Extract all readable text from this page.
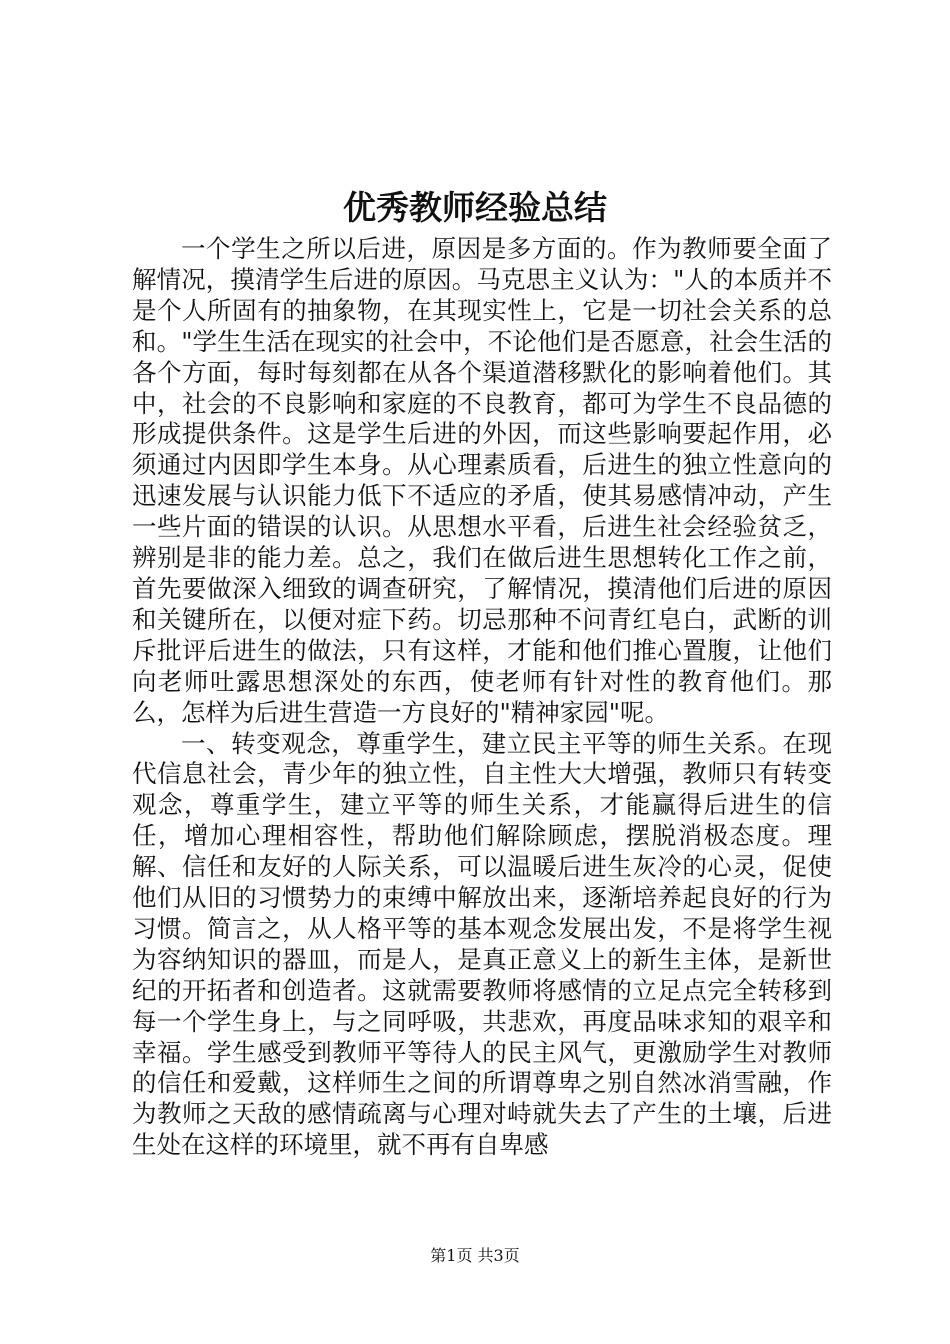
优秀教师经验总结

一个学生之所以后进，原因是多方面的。作为教师要全面了解情况，摸清学生后进的原因。马克思主义认为："人的本质并不是个人所固有的抽象物，在其现实性上，它是一切社会关系的总和。"学生生活在现实的社会中，不论他们是否愿意，社会生活的各个方面，每时每刻都在从各个渠道潜移默化的影响着他们。其中，社会的不良影响和家庭的不良教育，都可为学生不良品德的形成提供条件。这是学生后进的外因，而这些影响要起作用，必须通过内因即学生本身。从心理素质看，后进生的独立性意向的迅速发展与认识能力低下不适应的矛盾，使其易感情冲动，产生一些片面的错误的认识。从思想水平看，后进生社会经验贫乏，辨别是非的能力差。总之，我们在做后进生思想转化工作之前，首先要做深入细致的调查研究，了解情况，摸清他们后进的原因和关键所在，以便对症下药。切忌那种不问青红皂白，武断的训斥批评后进生的做法，只有这样，才能和他们推心置腹，让他们向老师吐露思想深处的东西，使老师有针对性的教育他们。那么，怎样为后进生营造一方良好的"精神家园"呢。

一、转变观念，尊重学生，建立民主平等的师生关系。在现代信息社会，青少年的独立性，自主性大大增强，教师只有转变观念，尊重学生，建立平等的师生关系，才能赢得后进生的信任，增加心理相容性，帮助他们解除顾虑，摆脱消极态度。理解、信任和友好的人际关系，可以温暖后进生灰冷的心灵，促使他们从旧的习惯势力的束缚中解放出来，逐渐培养起良好的行为习惯。简言之，从人格平等的基本观念发展出发，不是将学生视为容纳知识的器皿，而是人，是真正意义上的新生主体，是新世纪的开拓者和创造者。这就需要教师将感情的立足点完全转移到每一个学生身上，与之同呼吸，共悲欢，再度品味求知的艰辛和幸福。学生感受到教师平等待人的民主风气，更激励学生对教师的信任和爱戴，这样师生之间的所谓尊卑之别自然冰消雪融，作为教师之天敌的感情疏离与心理对峙就失去了产生的土壤，后进生处在这样的环境里，就不再有自卑感

第1页 共3页
